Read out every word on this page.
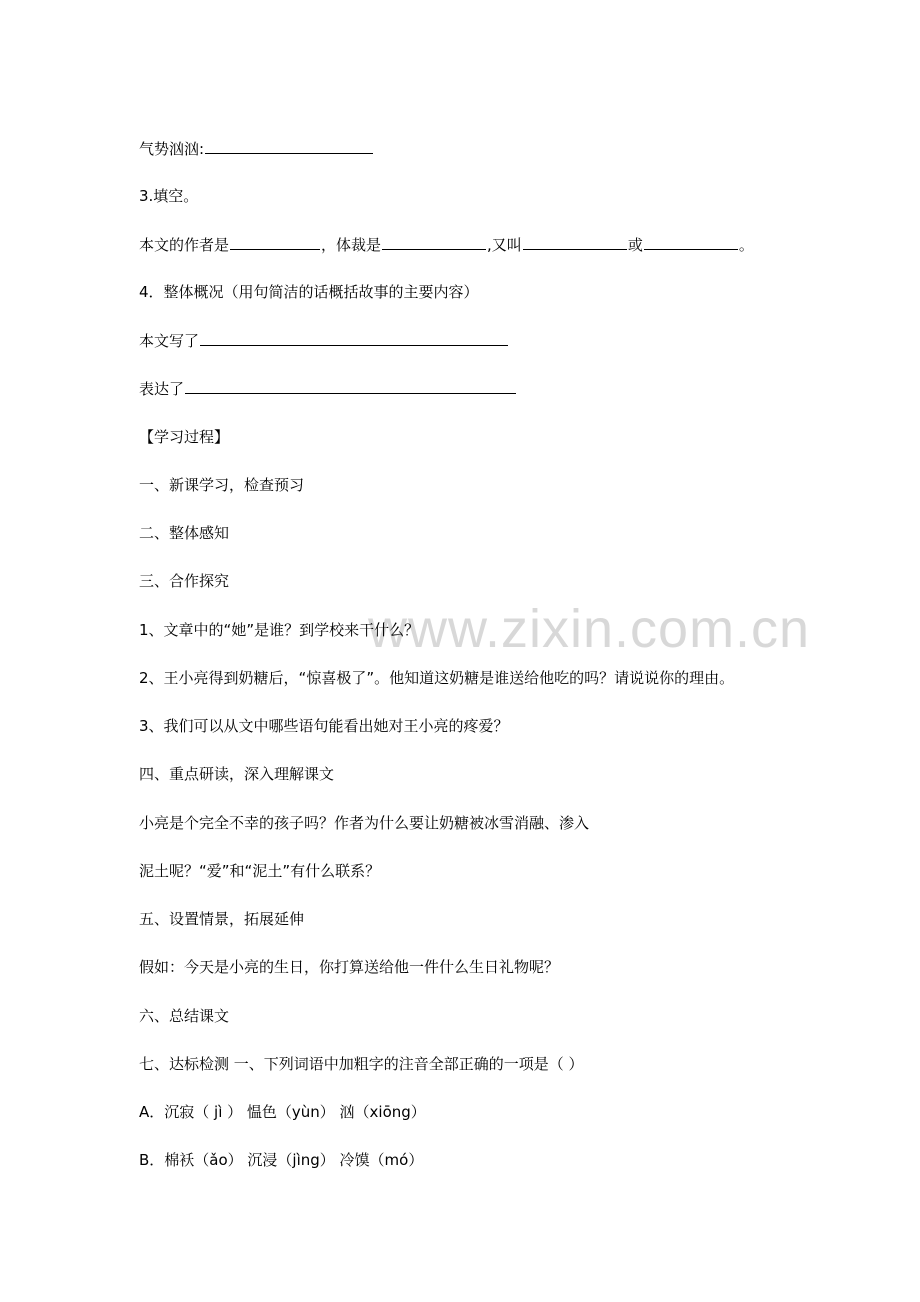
www.zixin.com.cn
气势汹汹:
3.填空。
本文的作者是	，体裁是	,又叫	或	。
4．整体概况（用句简洁的话概括故事的主要内容）
本文写了
表达了
【学习过程】
一、新课学习，检查预习
二、整体感知
三、合作探究
1、文章中的“她”是谁？到学校来干什么？
2、王小亮得到奶糖后，“惊喜极了”。他知道这奶糖是谁送给他吃的吗？请说说你的理由。
3、我们可以从文中哪些语句能看出她对王小亮的疼爱？
四、重点研读，深入理解课文
小亮是个完全不幸的孩子吗？作者为什么要让奶糖被冰雪消融、渗入
泥土呢？“爱”和“泥土”有什么联系？
五、设置情景，拓展延伸
假如：今天是小亮的生日，你打算送给他一件什么生日礼物呢？
六、总结课文
七、达标检测 一、下列词语中加粗字的注音全部正确的一项是（ ）
A．沉寂（ jì ） 愠色（yùn） 汹（xiōng）
B．棉袄（ǎo） 沉浸（jìng） 冷馍（mó）
